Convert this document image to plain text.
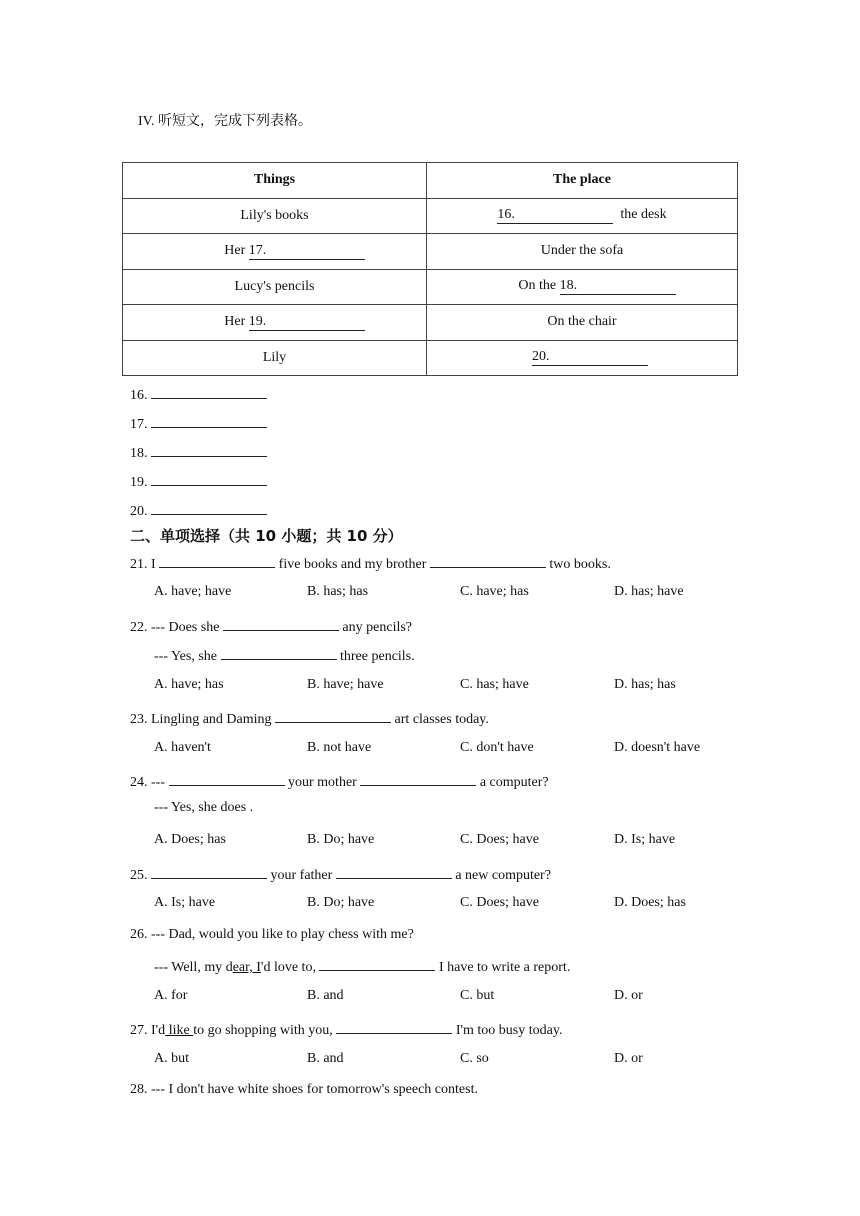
IV. 听短文，完成下列表格。
Things	The place
Lily's books	16. the desk
Her 17.	Under the sofa
Lucy's pencils	On the 18.
Her 19.	On the chair
Lily	20.
16.
17.
18.
19.
20.
二、单项选择（共 10 小题；共 10 分）
21. I	five books and my brother	two books.
A. have; have	B. has; has	C. have; has	D. has; have
22. --- Does she	any pencils?
--- Yes, she	three pencils.
A. have; has	B. have; have	C. has; have	D. has; has
23. Lingling and Daming	art classes today.
A. haven't	B. not have	C. don't have	D. doesn't have
24. ---	your mother	a computer?
--- Yes, she does .
A. Does; has	B. Do; have	C. Does; have	D. Is; have
25.	your father	a new computer?
A. Is; have	B. Do; have	C. Does; have	D. Does; has
26. --- Dad, would you like to play chess with me?
--- Well, my dear, I'd love to,	I have to write a report.
A. for	B. and	C. but	D. or
27. I'd like to go shopping with you,	I'm too busy today.
A. but	B. and	C. so	D. or
28. --- I don't have white shoes for tomorrow's speech contest.
